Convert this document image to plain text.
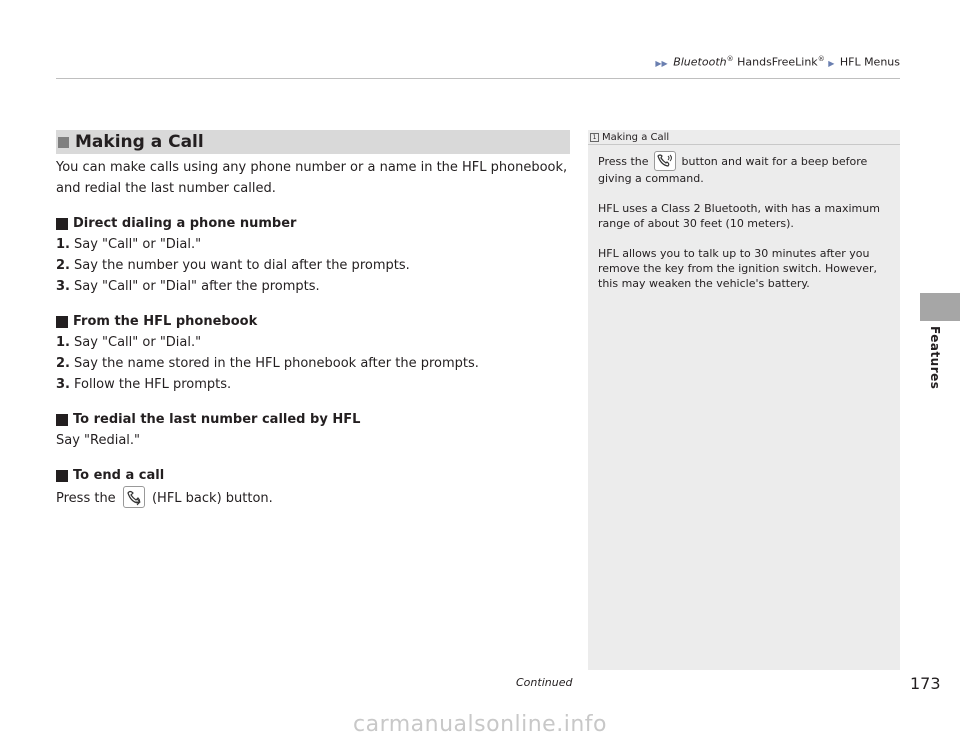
▶▶ Bluetooth® HandsFreeLink® ▶ HFL Menus
Features
Making a Call

You can make calls using any phone number or a name in the HFL phonebook, and redial the last number called.

Direct dialing a phone number

1. Say "Call" or "Dial."

2. Say the number you want to dial after the prompts.

3. Say "Call" or "Dial" after the prompts.

From the HFL phonebook

1. Say "Call" or "Dial."

2. Say the name stored in the HFL phonebook after the prompts.

3. Follow the HFL prompts.

To redial the last number called by HFL

Say "Redial."

To end a call

Press the	(HFL back) button.

1 Making a Call

Press the	button and wait for a beep before giving a command.

HFL uses a Class 2 Bluetooth, with has a maximum range of about 30 feet (10 meters).

HFL allows you to talk up to 30 minutes after you remove the key from the ignition switch. However, this may weaken the vehicle's battery.

Continued	173
carmanualsonline.info
